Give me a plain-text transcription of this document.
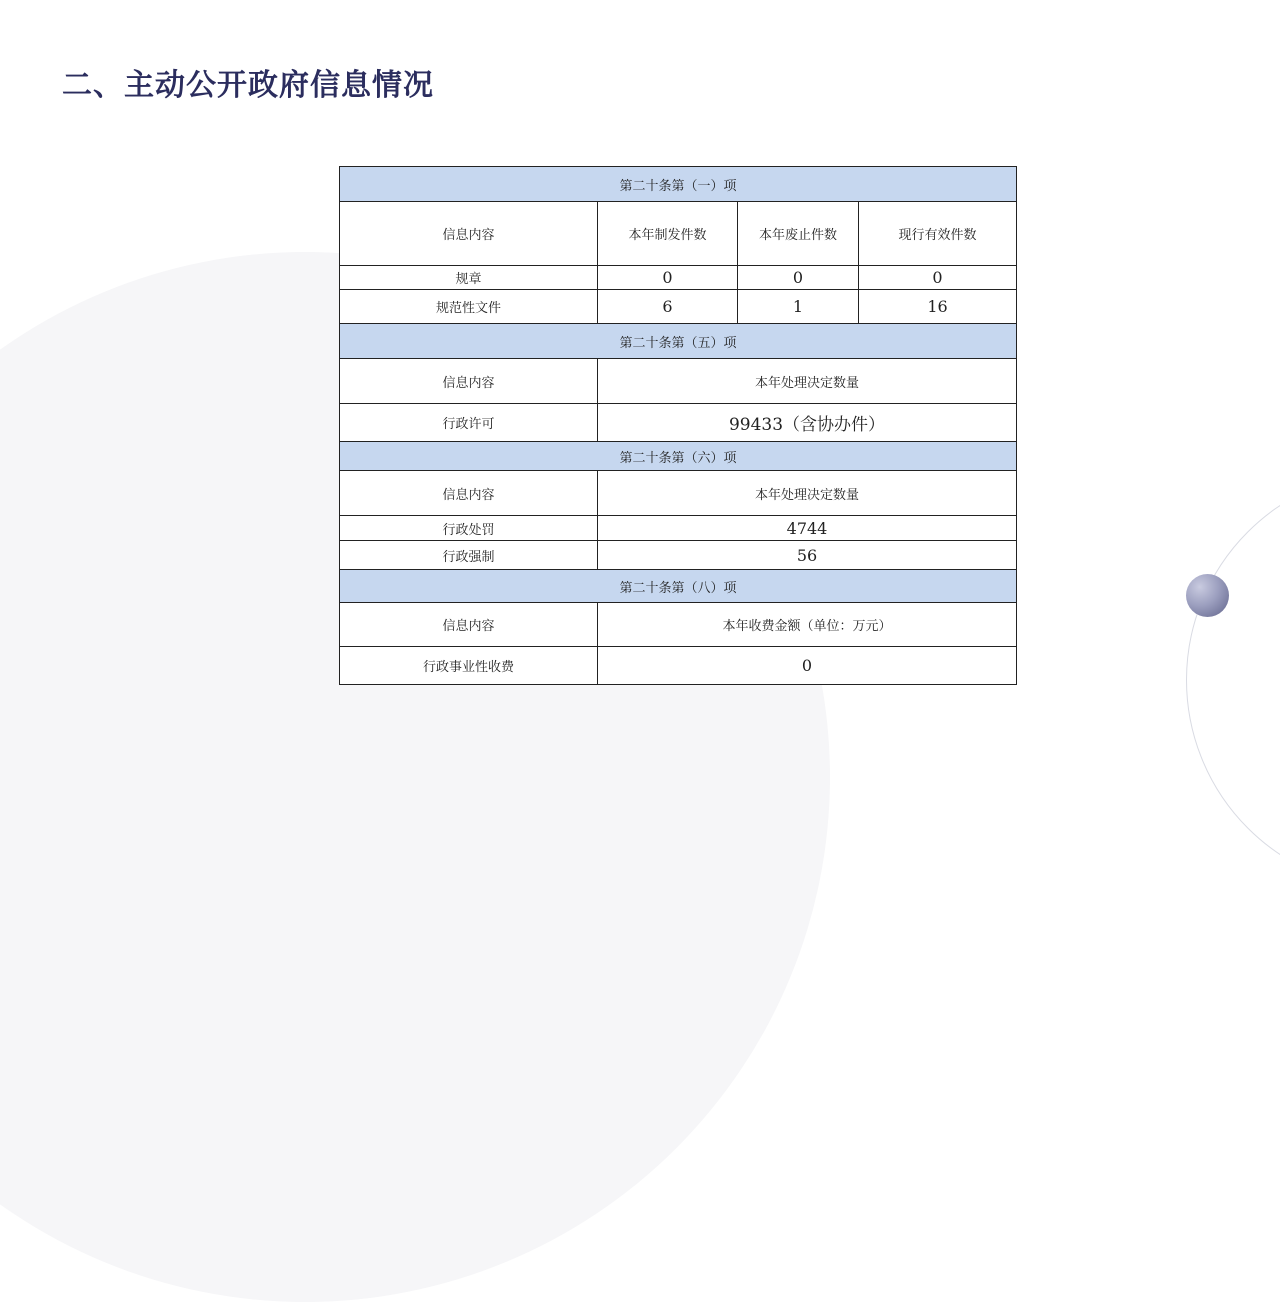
二、主动公开政府信息情况
第二十条第（一）项			
信息内容	本年制发件数	本年废止件数	现行有效件数
规章	0	0	0
规范性文件	6	1	16
第二十条第（五）项			
信息内容	本年处理决定数量		
行政许可	99433（含协办件）		
第二十条第（六）项			
信息内容	本年处理决定数量		
行政处罚	4744		
行政强制	56		
第二十条第（八）项			
信息内容	本年收费金额（单位：万元）		
行政事业性收费	0		
